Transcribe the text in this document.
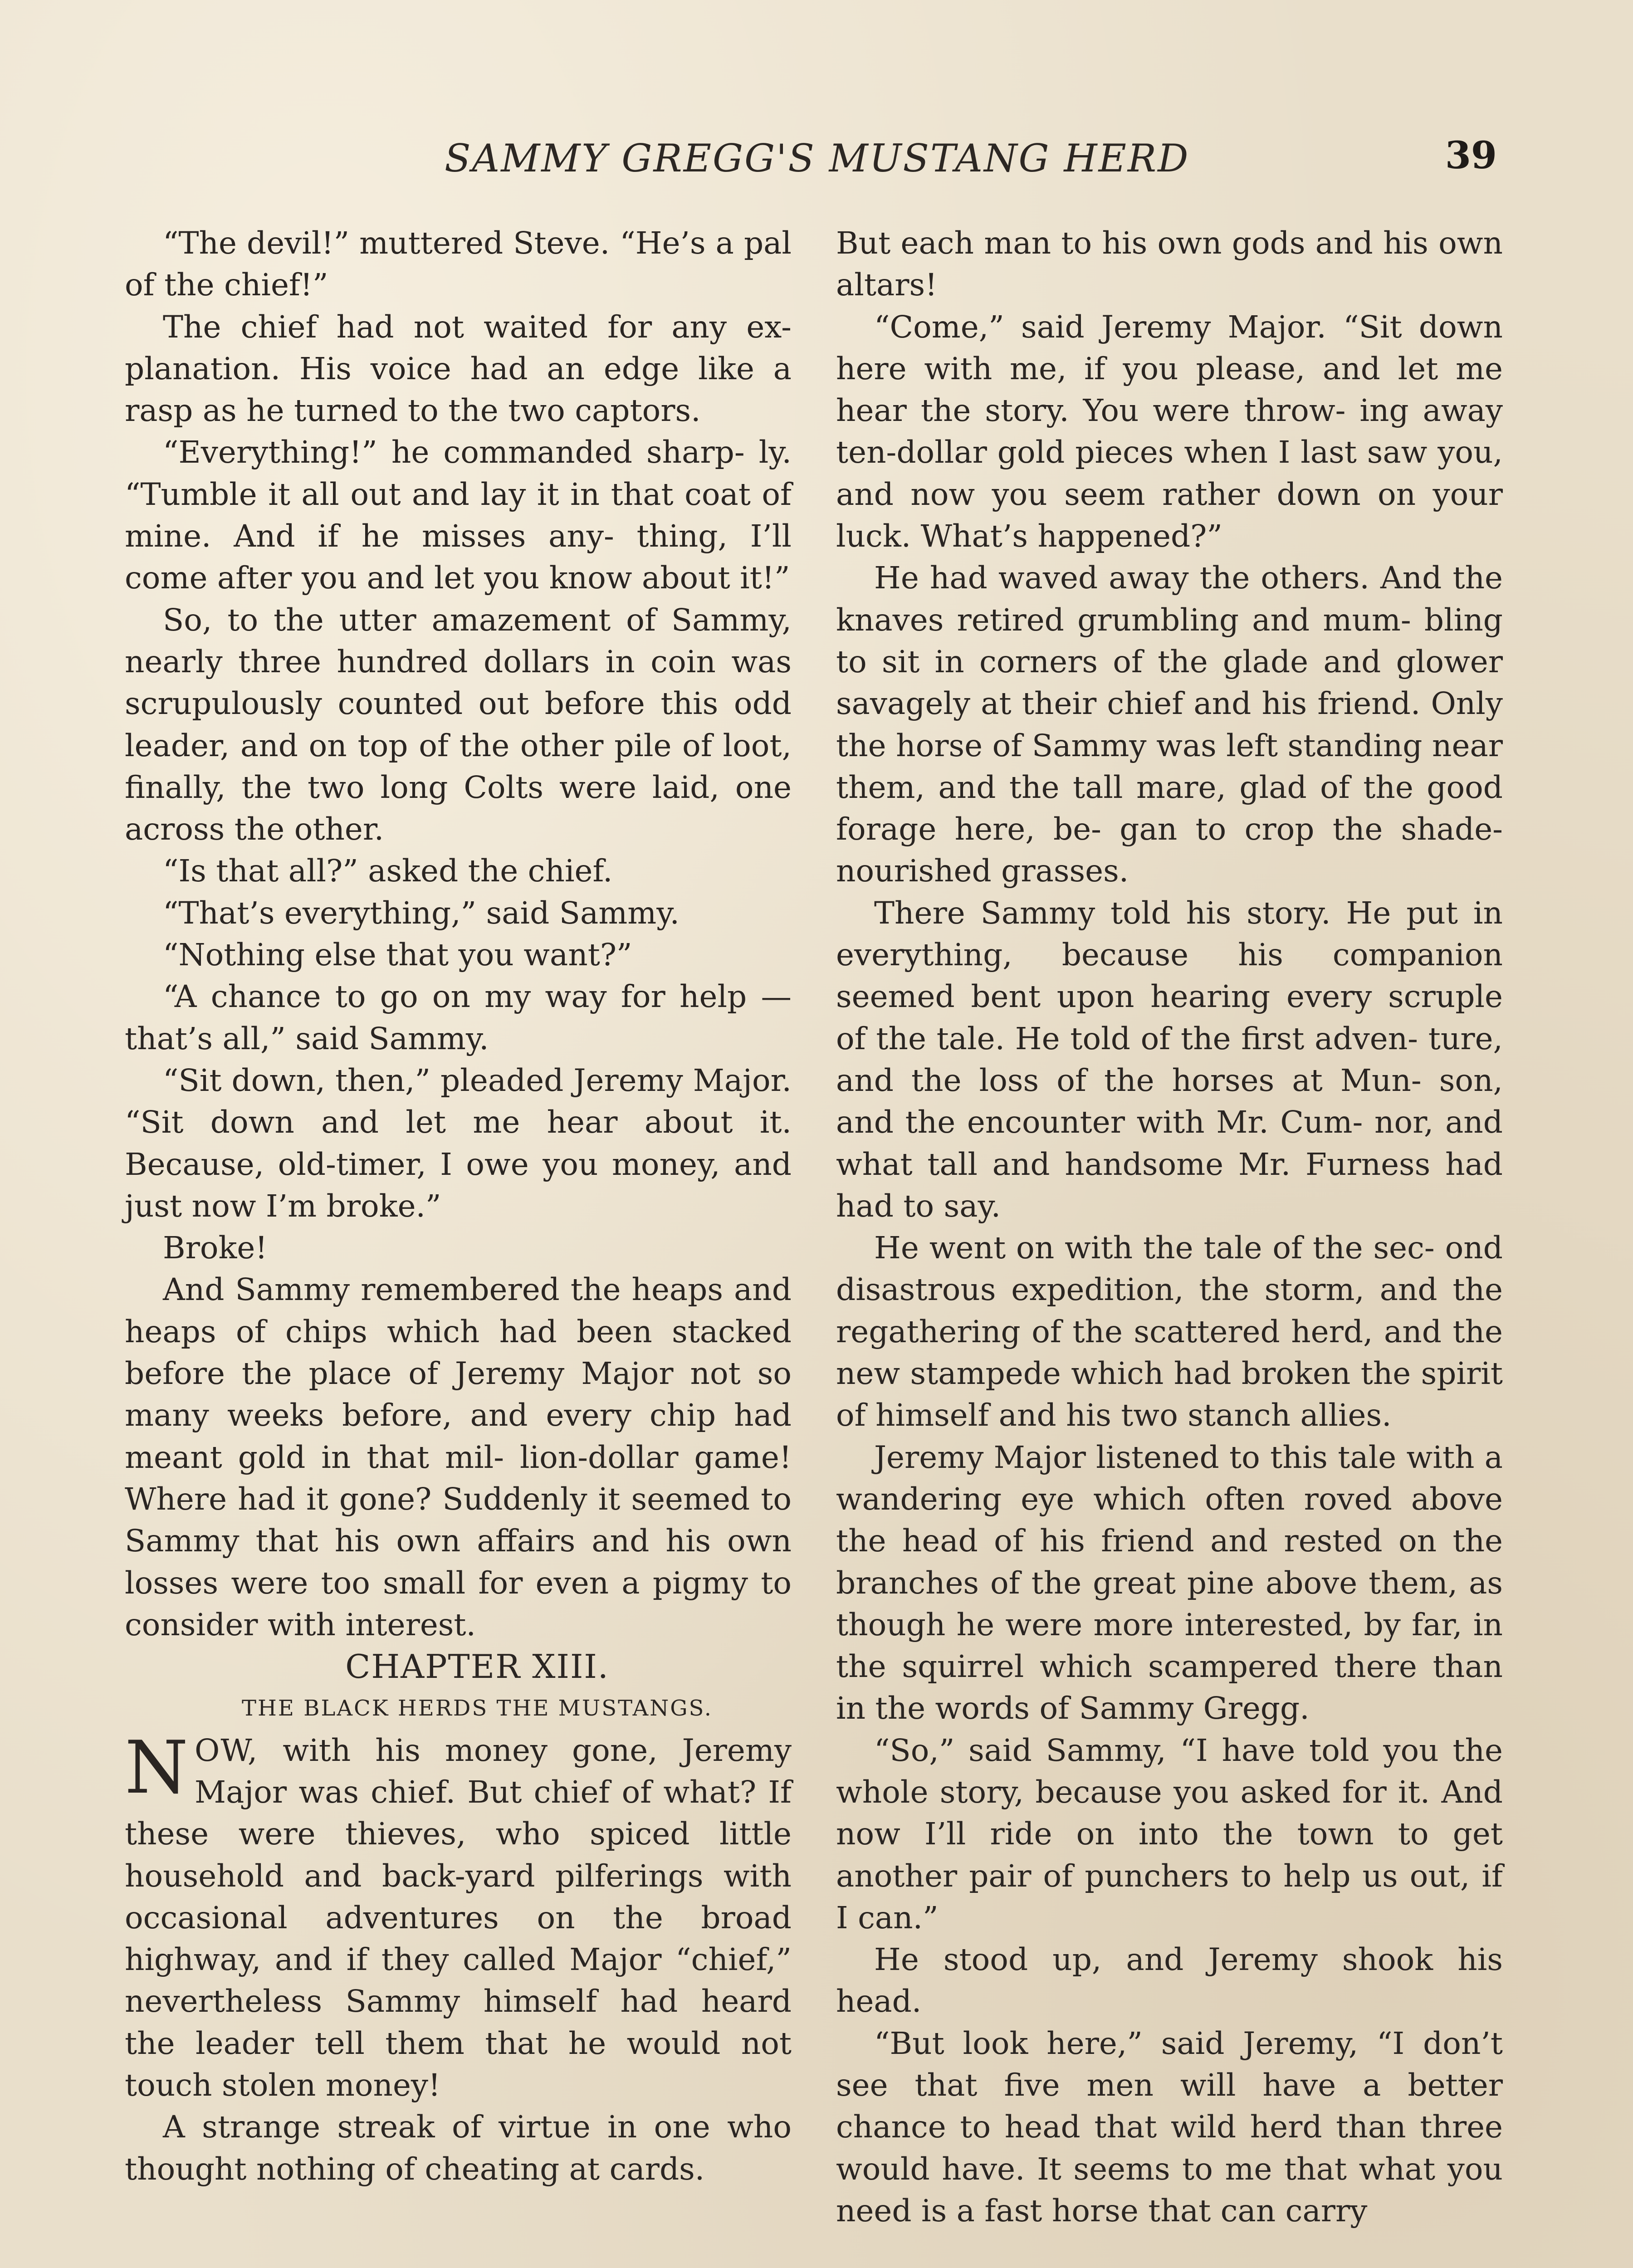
SAMMY GREGG'S MUSTANG HERD	39

“The devil!” muttered Steve. “He’s a pal of the chief!”

The chief had not waited for any ex- planation. His voice had an edge like a rasp as he turned to the two captors.

“Everything!” he commanded sharp- ly. “Tumble it all out and lay it in that coat of mine. And if he misses any- thing, I’ll come after you and let you know about it!”

So, to the utter amazement of Sammy, nearly three hundred dollars in coin was scrupulously counted out before this odd leader, and on top of the other pile of loot, finally, the two long Colts were laid, one across the other.

“Is that all?” asked the chief.

“That’s everything,” said Sammy.

“Nothing else that you want?”

“A chance to go on my way for help —that’s all,” said Sammy.

“Sit down, then,” pleaded Jeremy Major. “Sit down and let me hear about it. Because, old-timer, I owe you money, and just now I’m broke.”

Broke!

And Sammy remembered the heaps and heaps of chips which had been stacked before the place of Jeremy Major not so many weeks before, and every chip had meant gold in that mil- lion-dollar game! Where had it gone? Suddenly it seemed to Sammy that his own affairs and his own losses were too small for even a pigmy to consider with interest.

CHAPTER XIII.

THE BLACK HERDS THE MUSTANGS.

NOW, with his money gone, Jeremy Major was chief. But chief of what? If these were thieves, who spiced little household and back-yard pilferings with occasional adventures on the broad highway, and if they called Major “chief,” nevertheless Sammy himself had heard the leader tell them that he would not touch stolen money!

A strange streak of virtue in one who thought nothing of cheating at cards.

But each man to his own gods and his own altars!

“Come,” said Jeremy Major. “Sit down here with me, if you please, and let me hear the story. You were throw- ing away ten-dollar gold pieces when I last saw you, and now you seem rather down on your luck. What’s happened?”

He had waved away the others. And the knaves retired grumbling and mum- bling to sit in corners of the glade and glower savagely at their chief and his friend. Only the horse of Sammy was left standing near them, and the tall mare, glad of the good forage here, be- gan to crop the shade-nourished grasses.

There Sammy told his story. He put in everything, because his companion seemed bent upon hearing every scruple of the tale. He told of the first adven- ture, and the loss of the horses at Mun- son, and the encounter with Mr. Cum- nor, and what tall and handsome Mr. Furness had had to say.

He went on with the tale of the sec- ond disastrous expedition, the storm, and the regathering of the scattered herd, and the new stampede which had broken the spirit of himself and his two stanch allies.

Jeremy Major listened to this tale with a wandering eye which often roved above the head of his friend and rested on the branches of the great pine above them, as though he were more interested, by far, in the squirrel which scampered there than in the words of Sammy Gregg.

“So,” said Sammy, “I have told you the whole story, because you asked for it. And now I’ll ride on into the town to get another pair of punchers to help us out, if I can.”

He stood up, and Jeremy shook his head.

“But look here,” said Jeremy, “I don’t see that five men will have a better chance to head that wild herd than three would have. It seems to me that what you need is a fast horse that can carry
